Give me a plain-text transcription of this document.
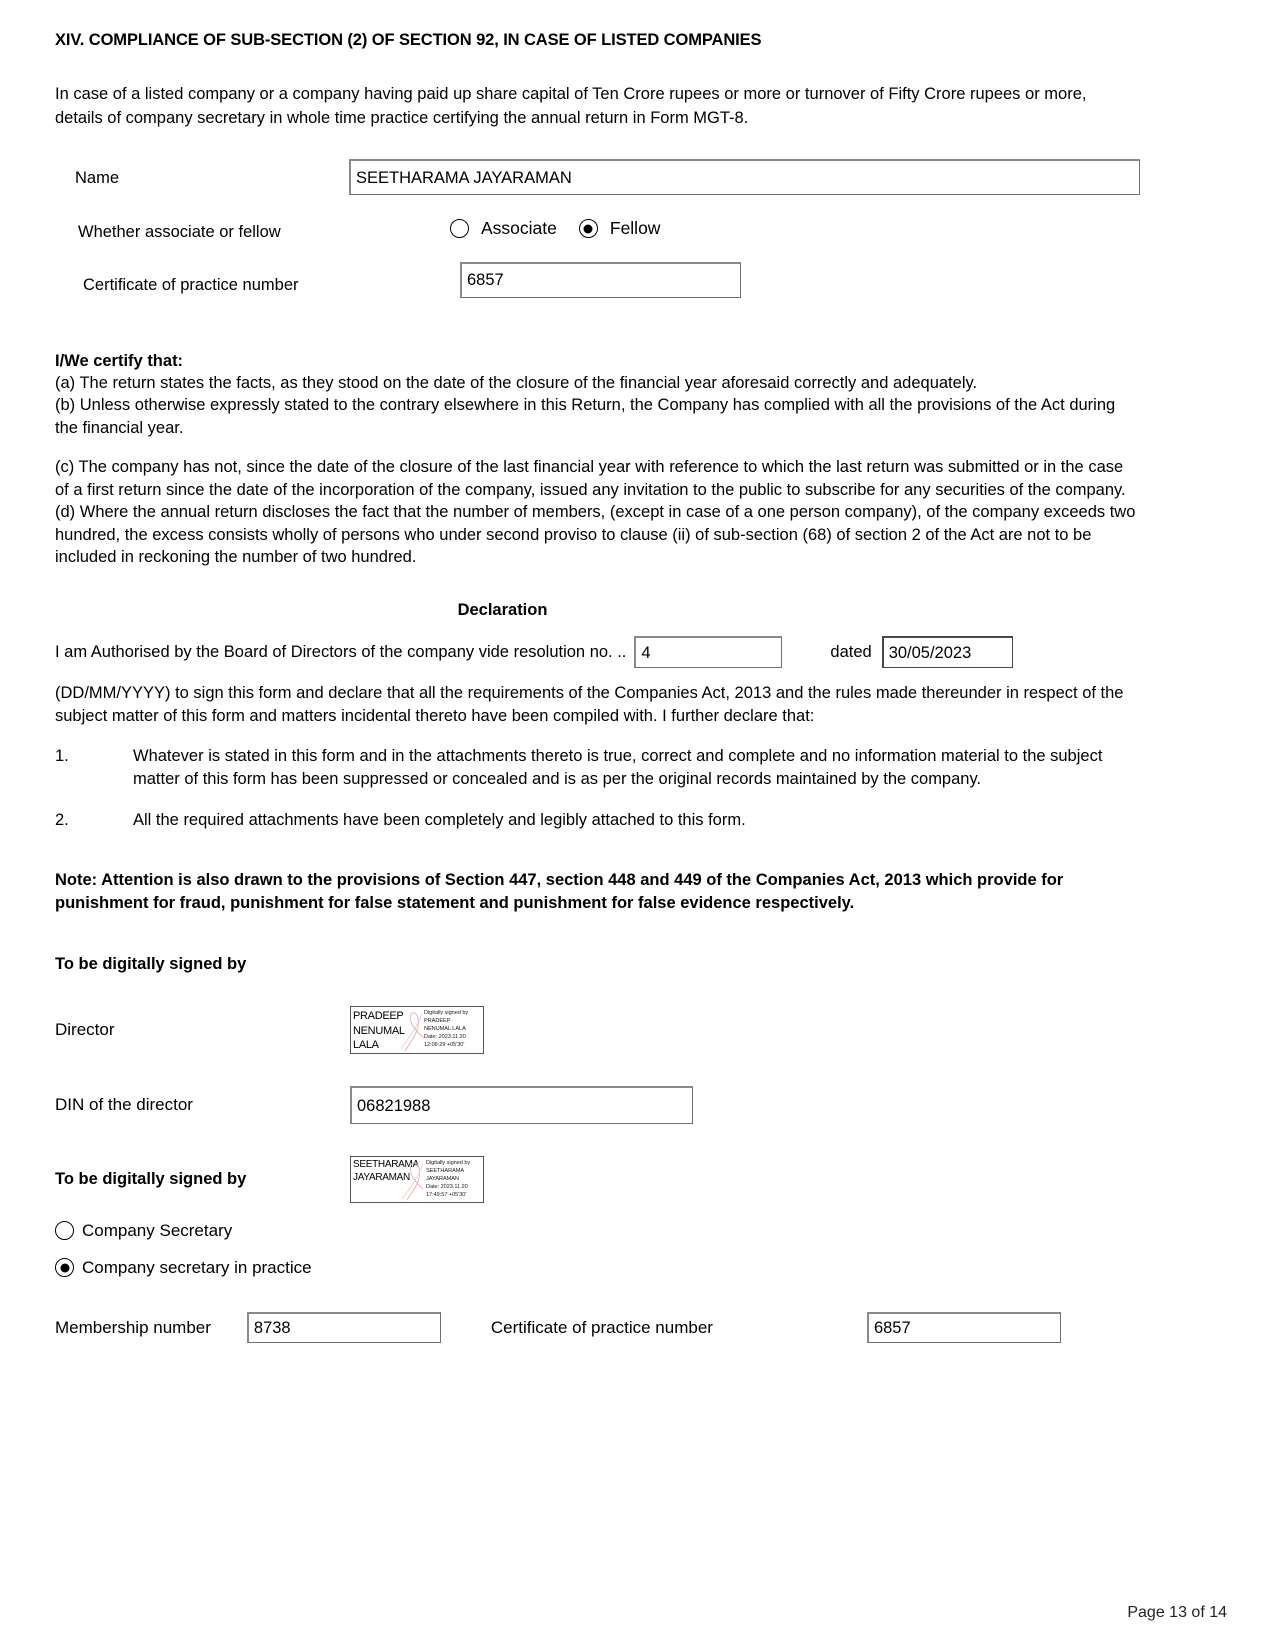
XIV. COMPLIANCE OF SUB-SECTION (2) OF SECTION 92, IN CASE OF LISTED COMPANIES
In case of a listed company or a company having paid up share capital of Ten Crore rupees or more or turnover of Fifty Crore rupees or more, details of company secretary in whole time practice certifying the annual return in Form MGT-8.
Name	SEETHARAMA JAYARAMAN
Whether associate or fellow	Associate	Fellow
Certificate of practice number	6857
I/We certify that:
(a) The return states the facts, as they stood on the date of the closure of the financial year aforesaid correctly and adequately.
(b) Unless otherwise expressly stated to the contrary elsewhere in this Return, the Company has complied with all the provisions of the Act during the financial year.
(c) The company has not, since the date of the closure of the last financial year with reference to which the last return was submitted or in the case of a first return since the date of the incorporation of the company, issued any invitation to the public to subscribe for any securities of the company.
(d) Where the annual return discloses the fact that the number of members, (except in case of a one person company), of the company exceeds two hundred, the excess consists wholly of persons who under second proviso to clause (ii) of sub-section (68) of section 2 of the Act are not to be included in reckoning the number of two hundred.
Declaration
I am Authorised by the Board of Directors of the company vide resolution no. .. 4	dated	30/05/2023
(DD/MM/YYYY) to sign this form and declare that all the requirements of the Companies Act, 2013 and the rules made thereunder in respect of the subject matter of this form and matters incidental thereto have been compiled with. I further declare that:
1.	Whatever is stated in this form and in the attachments thereto is true, correct and complete and no information material to the subject matter of this form has been suppressed or concealed and is as per the original records maintained by the company.
2.	All the required attachments have been completely and legibly attached to this form.
Note: Attention is also drawn to the provisions of Section 447, section 448 and 449 of the Companies Act, 2013 which provide for punishment for fraud, punishment for false statement and punishment for false evidence respectively.
To be digitally signed by
Director
PRADEEP NENUMAL LALA
Digitally signed by
PRADEEP
NENUMAL LALA
Date: 2023.11.20
12:06:29 +05'30'
DIN of the director	06821988
To be digitally signed by
SEETHARAMA JAYARAMAN
Digitally signed by
SEETHARAMA
JAYARAMAN
Date: 2023.11.20
17:49:57 +05'30'
Company Secretary
Company secretary in practice
Membership number	8738	Certificate of practice number	6857
Page 13 of 14
